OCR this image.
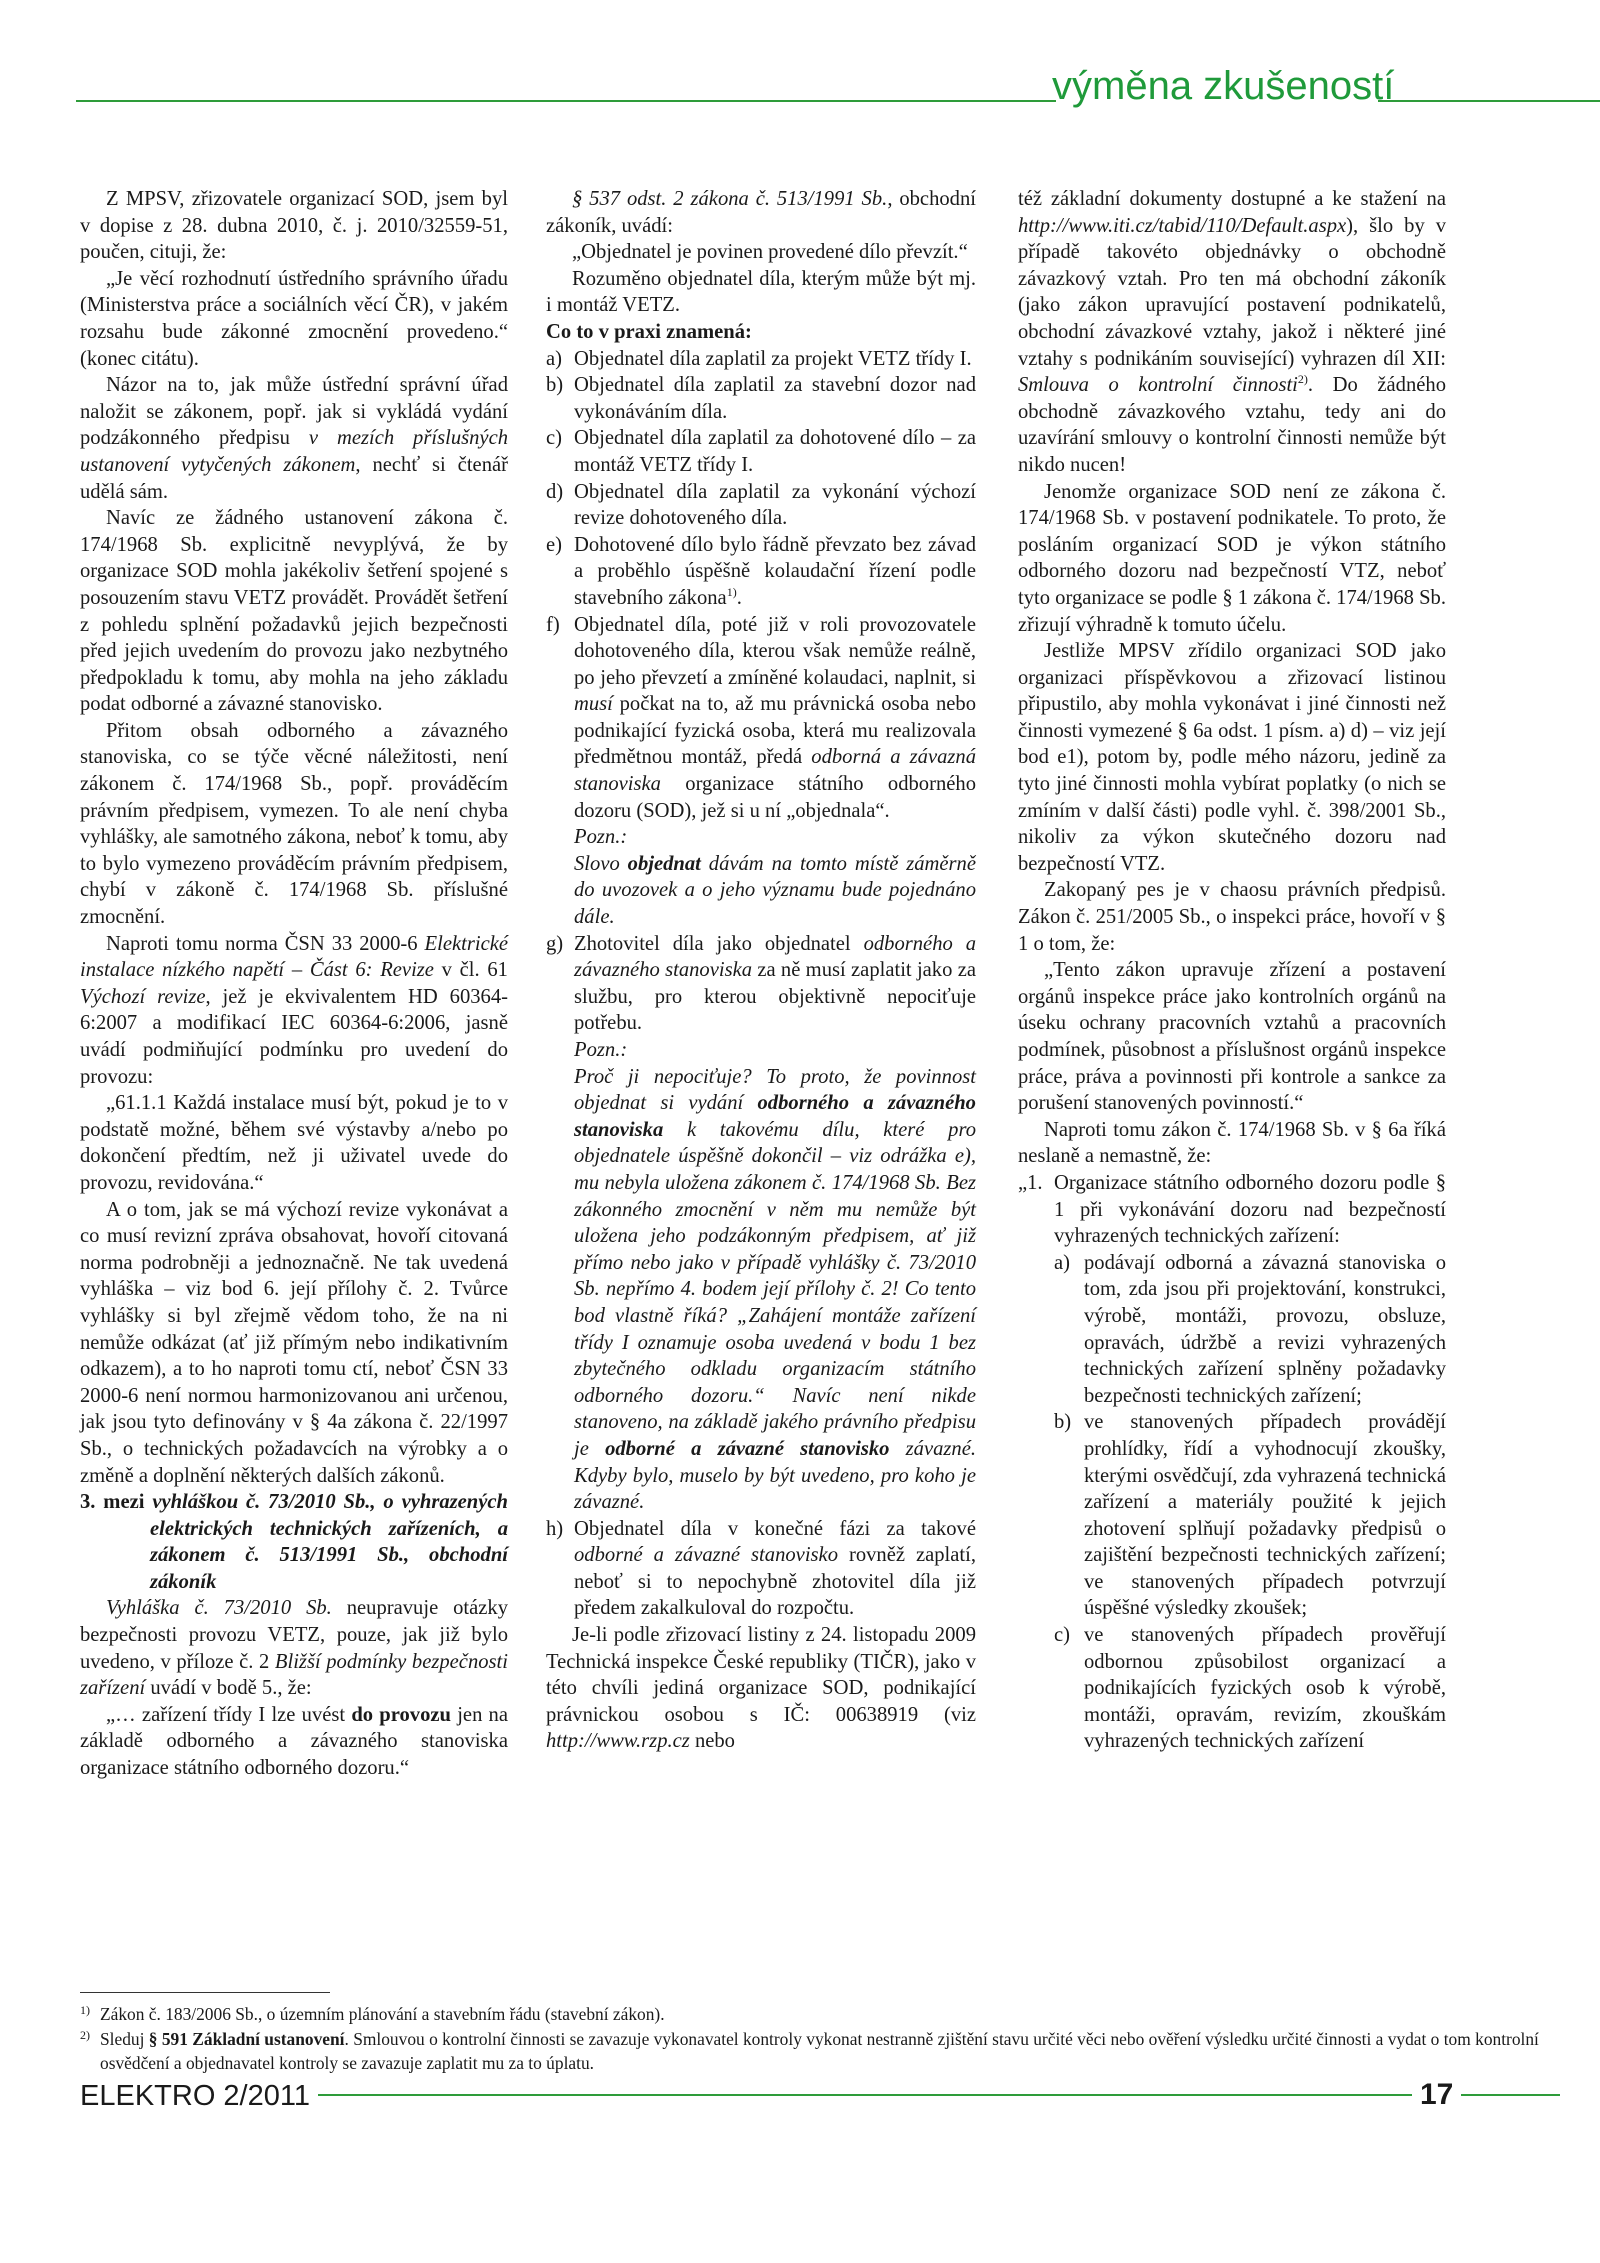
výměna zkušeností

Z MPSV, zřizovatele organizací SOD, jsem byl v dopise z 28. dubna 2010, č. j. 2010/32559-51, poučen, cituji, že:

„Je věcí rozhodnutí ústředního správního úřadu (Ministerstva práce a sociálních věcí ČR), v jakém rozsahu bude zákonné zmocnění provedeno.“ (konec citátu).

Názor na to, jak může ústřední správní úřad naložit se zákonem, popř. jak si vykládá vydání podzákonného předpisu v mezích příslušných ustanovení vytyčených zákonem, nechť si čtenář udělá sám.

Navíc ze žádného ustanovení zákona č. 174/1968 Sb. explicitně nevyplývá, že by organizace SOD mohla jakékoliv šetření spojené s posouzením stavu VETZ provádět. Provádět šetření z pohledu splnění požadavků jejich bezpečnosti před jejich uvedením do provozu jako nezbytného předpokladu k tomu, aby mohla na jeho základu podat odborné a závazné stanovisko.

Přitom obsah odborného a závazného stanoviska, co se týče věcné náležitosti, není zákonem č. 174/1968 Sb., popř. prováděcím právním předpisem, vymezen. To ale není chyba vyhlášky, ale samotného zákona, neboť k tomu, aby to bylo vymezeno prováděcím právním předpisem, chybí v zákoně č. 174/1968 Sb. příslušné zmocnění.

Naproti tomu norma ČSN 33 2000-6 Elektrické instalace nízkého napětí – Část 6: Revize v čl. 61 Výchozí revize, jež je ekvivalentem HD 60364-6:2007 a modifikací IEC 60364-6:2006, jasně uvádí podmiňující podmínku pro uvedení do provozu:

„61.1.1 Každá instalace musí být, pokud je to v podstatě možné, během své výstavby a/nebo po dokončení předtím, než ji uživatel uvede do provozu, revidována.“

A o tom, jak se má výchozí revize vykonávat a co musí revizní zpráva obsahovat, hovoří citovaná norma podrobněji a jednoznačně. Ne tak uvedená vyhláška – viz bod 6. její přílohy č. 2. Tvůrce vyhlášky si byl zřejmě vědom toho, že na ni nemůže odkázat (ať již přímým nebo indikativním odkazem), a to ho naproti tomu ctí, neboť ČSN 33 2000-6 není normou harmonizovanou ani určenou, jak jsou tyto definovány v § 4a zákona č. 22/1997 Sb., o technických požadavcích na výrobky a o změně a doplnění některých dalších zákonů.

3. mezi vyhláškou č. 73/2010 Sb., o vyhrazených elektrických technických zařízeních, a zákonem č. 513/1991 Sb., obchodní zákoník

Vyhláška č. 73/2010 Sb. neupravuje otázky bezpečnosti provozu VETZ, pouze, jak již bylo uvedeno, v příloze č. 2 Bližší podmínky bezpečnosti zařízení uvádí v bodě 5., že:

„… zařízení třídy I lze uvést do provozu jen na základě odborného a závazného stanoviska organizace státního odborného dozoru.“

§ 537 odst. 2 zákona č. 513/1991 Sb., obchodní zákoník, uvádí:

„Objednatel je povinen provedené dílo převzít.“

Rozuměno objednatel díla, kterým může být mj. i montáž VETZ.

Co to v praxi znamená:

a) Objednatel díla zaplatil za projekt VETZ třídy I.
b) Objednatel díla zaplatil za stavební dozor nad vykonáváním díla.
c) Objednatel díla zaplatil za dohotovené dílo – za montáž VETZ třídy I.
d) Objednatel díla zaplatil za vykonání výchozí revize dohotoveného díla.
e) Dohotovené dílo bylo řádně převzato bez závad a proběhlo úspěšně kolaudační řízení podle stavebního zákona$^{1)}$.
f) Objednatel díla, poté již v roli provozovatele dohotoveného díla, kterou však nemůže reálně, po jeho převzetí a zmíněné kolaudaci, naplnit, si musí počkat na to, až mu právnická osoba nebo podnikající fyzická osoba, která mu realizovala předmětnou montáž, předá odborná a závazná stanoviska organizace státního odborného dozoru (SOD), jež si u ní „objednala“.
Pozn.:
Slovo objednat dávám na tomto místě záměrně do uvozovek a o jeho významu bude pojednáno dále.
g) Zhotovitel díla jako objednatel odborného a závazného stanoviska za ně musí zaplatit jako za službu, pro kterou objektivně nepociťuje potřebu.
Pozn.:
Proč ji nepociťuje? To proto, že povinnost objednat si vydání odborného a závazného stanoviska k takovému dílu, které pro objednatele úspěšně dokončil – viz odrážka e), mu nebyla uložena zákonem č. 174/1968 Sb. Bez zákonného zmocnění v něm mu nemůže být uložena jeho podzákonným předpisem, ať již přímo nebo jako v případě vyhlášky č. 73/2010 Sb. nepřímo 4. bodem její přílohy č. 2! Co tento bod vlastně říká? „Zahájení montáže zařízení třídy I oznamuje osoba uvedená v bodu 1 bez zbytečného odkladu organizacím státního odborného dozoru.“ Navíc není nikde stanoveno, na základě jakého právního předpisu je odborné a závazné stanovisko závazné. Kdyby bylo, muselo by být uvedeno, pro koho je závazné.
h) Objednatel díla v konečné fázi za takové odborné a závazné stanovisko rovněž zaplatí, neboť si to nepochybně zhotovitel díla již předem zakalkuloval do rozpočtu.

Je-li podle zřizovací listiny z 24. listopadu 2009 Technická inspekce České republiky (TIČR), jako v této chvíli jediná organizace SOD, podnikající právnickou osobou s IČ: 00638919 (viz http://www.rzp.cz nebo

též základní dokumenty dostupné a ke stažení na http://www.iti.cz/tabid/110/Default.aspx), šlo by v případě takovéto objednávky o obchodně závazkový vztah. Pro ten má obchodní zákoník (jako zákon upravující postavení podnikatelů, obchodní závazkové vztahy, jakož i některé jiné vztahy s podnikáním související) vyhrazen díl XII: Smlouva o kontrolní činnosti$^{2)}$. Do žádného obchodně závazkového vztahu, tedy ani do uzavírání smlouvy o kontrolní činnosti nemůže být nikdo nucen!

Jenomže organizace SOD není ze zákona č. 174/1968 Sb. v postavení podnikatele. To proto, že posláním organizací SOD je výkon státního odborného dozoru nad bezpečností VTZ, neboť tyto organizace se podle § 1 zákona č. 174/1968 Sb. zřizují výhradně k tomuto účelu.

Jestliže MPSV zřídilo organizaci SOD jako organizaci příspěvkovou a zřizovací listinou připustilo, aby mohla vykonávat i jiné činnosti než činnosti vymezené § 6a odst. 1 písm. a) d) – viz její bod e1), potom by, podle mého názoru, jedině za tyto jiné činnosti mohla vybírat poplatky (o nich se zmíním v další části) podle vyhl. č. 398/2001 Sb., nikoliv za výkon skutečného dozoru nad bezpečností VTZ.

Zakopaný pes je v chaosu právních předpisů. Zákon č. 251/2005 Sb., o inspekci práce, hovoří v § 1 o tom, že:

„Tento zákon upravuje zřízení a postavení orgánů inspekce práce jako kontrolních orgánů na úseku ochrany pracovních vztahů a pracovních podmínek, působnost a příslušnost orgánů inspekce práce, práva a povinnosti při kontrole a sankce za porušení stanovených povinností.“

Naproti tomu zákon č. 174/1968 Sb. v § 6a říká neslaně a nemastně, že:

„1. Organizace státního odborného dozoru podle § 1 při vykonávání dozoru nad bezpečností vyhrazených technických zařízení:
a) podávají odborná a závazná stanoviska o tom, zda jsou při projektování, konstrukci, výrobě, montáži, provozu, obsluze, opravách, údržbě a revizi vyhrazených technických zařízení splněny požadavky bezpečnosti technických zařízení;
b) ve stanovených případech provádějí prohlídky, řídí a vyhodnocují zkoušky, kterými osvědčují, zda vyhrazená technická zařízení a materiály použité k jejich zhotovení splňují požadavky předpisů o zajištění bezpečnosti technických zařízení; ve stanovených případech potvrzují úspěšné výsledky zkoušek;
c) ve stanovených případech prověřují odbornou způsobilost organizací a podnikajících fyzických osob k výrobě, montáži, opravám, revizím, zkouškám vyhrazených technických zařízení
1) Zákon č. 183/2006 Sb., o územním plánování a stavebním řádu (stavební zákon).
2) Sleduj § 591 Základní ustanovení. Smlouvou o kontrolní činnosti se zavazuje vykonavatel kontroly vykonat nestranně zjištění stavu určité věci nebo ověření výsledku určité činnosti a vydat o tom kontrolní osvědčení a objednavatel kontroly se zavazuje zaplatit mu za to úplatu.
ELEKTRO 2/2011	17
